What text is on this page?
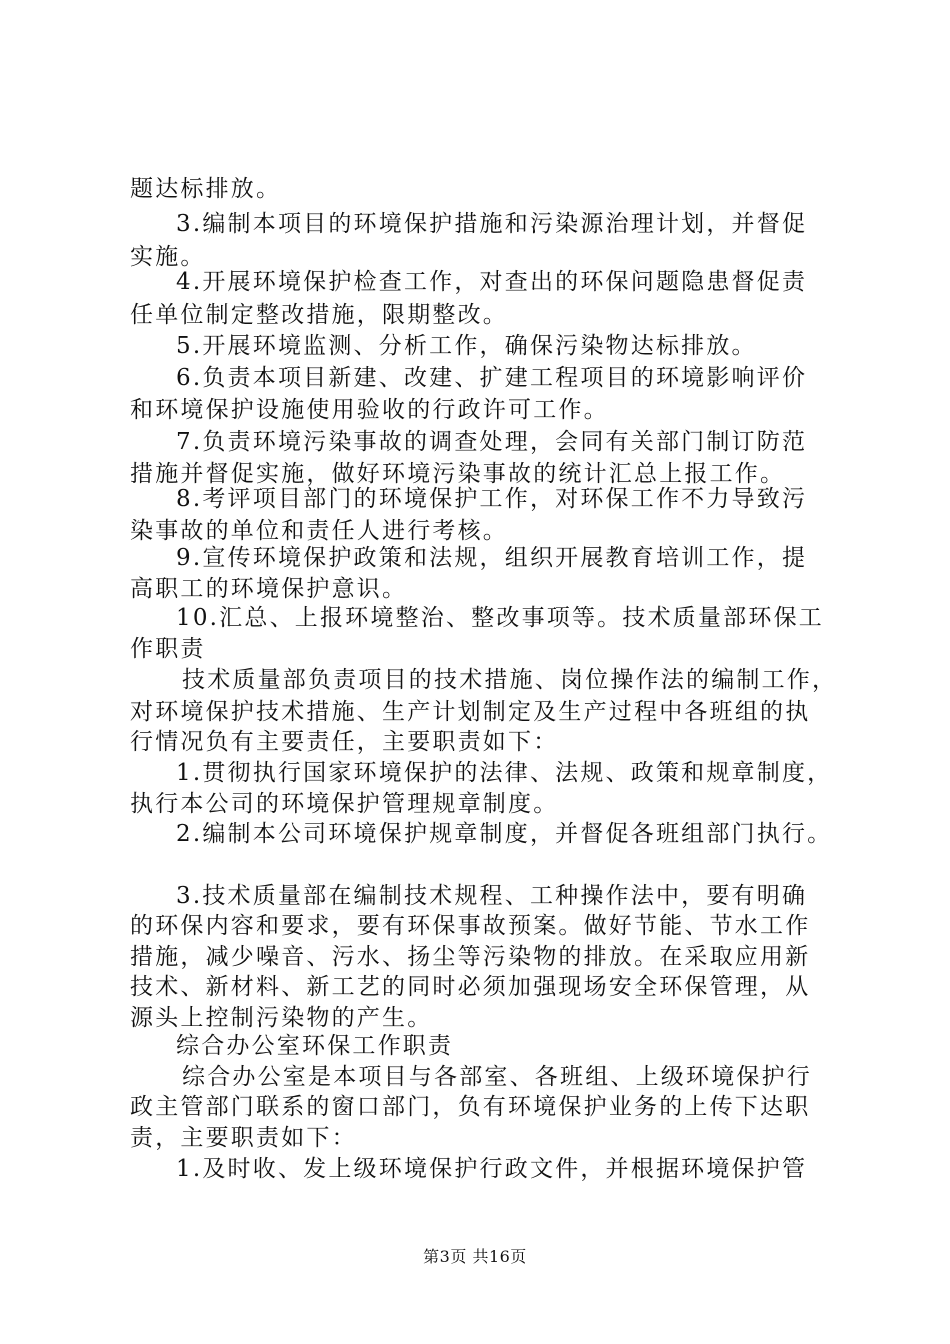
题达标排放。
3.编制本项目的环境保护措施和污染源治理计划，并督促
实施。
4.开展环境保护检查工作，对查出的环保问题隐患督促责
任单位制定整改措施，限期整改。
5.开展环境监测、分析工作，确保污染物达标排放。
6.负责本项目新建、改建、扩建工程项目的环境影响评价
和环境保护设施使用验收的行政许可工作。
7.负责环境污染事故的调查处理，会同有关部门制订防范
措施并督促实施，做好环境污染事故的统计汇总上报工作。
8.考评项目部门的环境保护工作，对环保工作不力导致污
染事故的单位和责任人进行考核。
9.宣传环境保护政策和法规，组织开展教育培训工作，提
高职工的环境保护意识。
10.汇总、上报环境整治、整改事项等。技术质量部环保工
作职责
技术质量部负责项目的技术措施、岗位操作法的编制工作，
对环境保护技术措施、生产计划制定及生产过程中各班组的执
行情况负有主要责任，主要职责如下：
1.贯彻执行国家环境保护的法律、法规、政策和规章制度，
执行本公司的环境保护管理规章制度。
2.编制本公司环境保护规章制度，并督促各班组部门执行。
3.技术质量部在编制技术规程、工种操作法中，要有明确
的环保内容和要求，要有环保事故预案。做好节能、节水工作
措施，减少噪音、污水、扬尘等污染物的排放。在采取应用新
技术、新材料、新工艺的同时必须加强现场安全环保管理，从
源头上控制污染物的产生。
综合办公室环保工作职责
综合办公室是本项目与各部室、各班组、上级环境保护行
政主管部门联系的窗口部门，负有环境保护业务的上传下达职
责，主要职责如下：
1.及时收、发上级环境保护行政文件，并根据环境保护管
第3页 共16页
